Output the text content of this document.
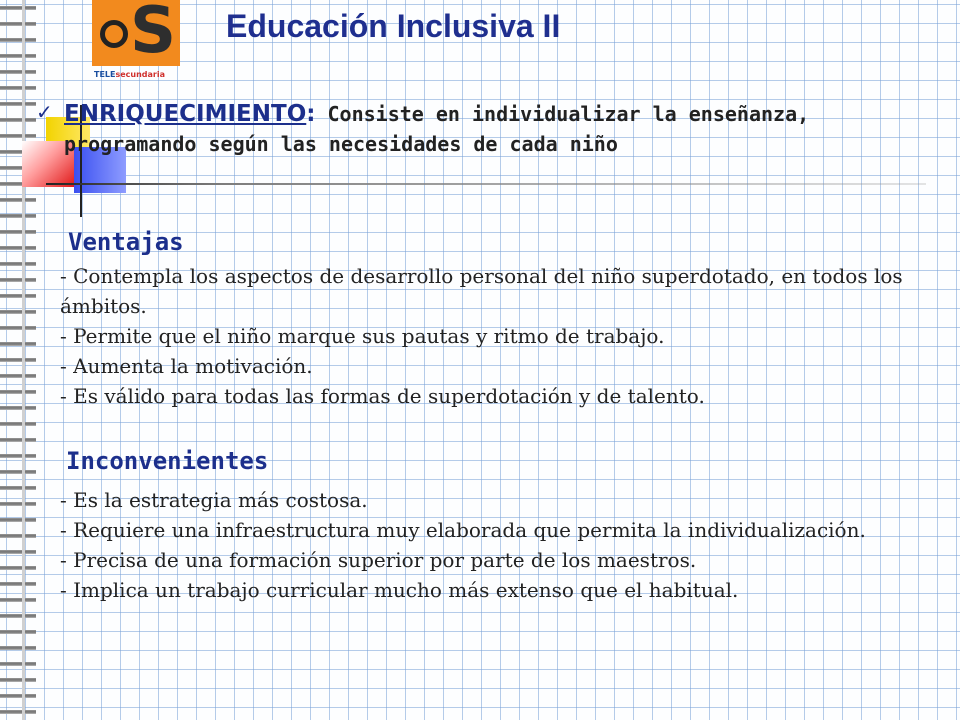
S
TELEsecundaria
Educación Inclusiva II
✓ ENRIQUECIMIENTO: Consiste en individualizar la enseñanza, programando según las necesidades de cada niño
Ventajas
- Contempla los aspectos de desarrollo personal del niño superdotado, en todos los ámbitos.
- Permite que el niño marque sus pautas y ritmo de trabajo.
- Aumenta la motivación.
- Es válido para todas las formas de superdotación y de talento.
Inconvenientes
- Es la estrategia más costosa.
- Requiere una infraestructura muy elaborada que permita la individualización.
- Precisa de una formación superior por parte de los maestros.
- Implica un trabajo curricular mucho más extenso que el habitual.
